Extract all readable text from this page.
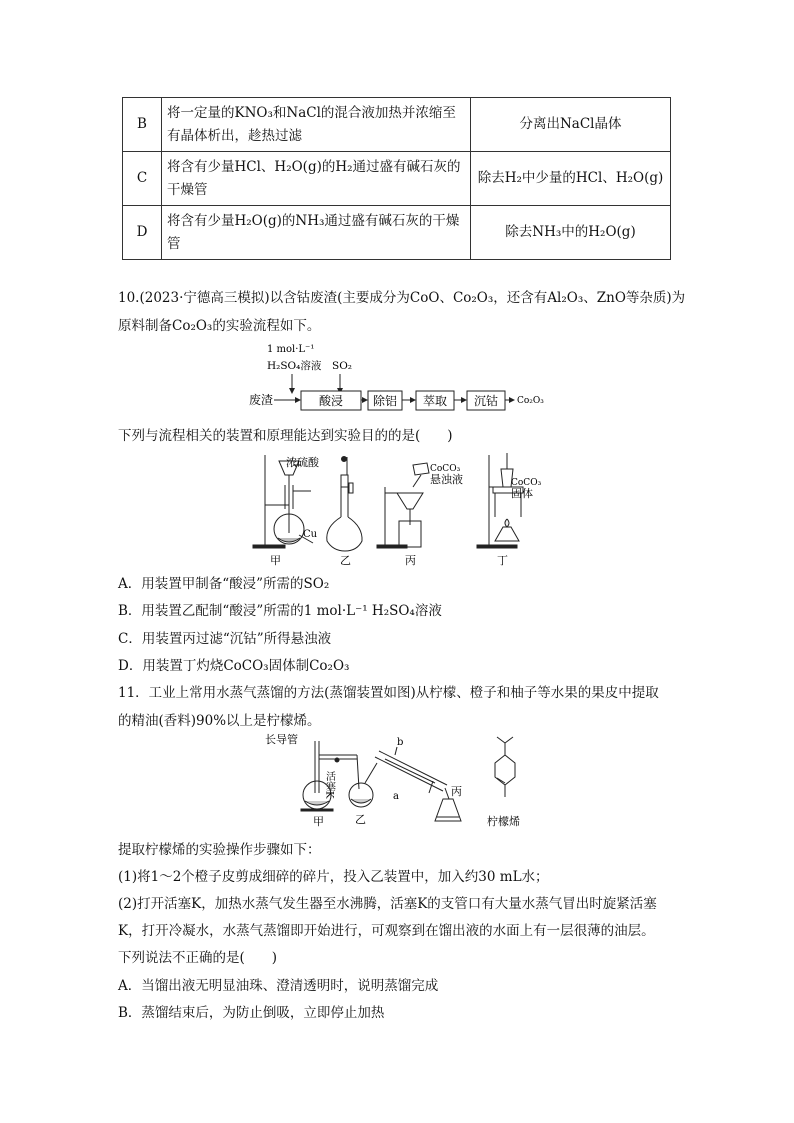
B	将一定量的KNO₃和NaCl的混合液加热并浓缩至有晶体析出，趁热过滤	分离出NaCl晶体
C	将含有少量HCl、H₂O(g)的H₂通过盛有碱石灰的干燥管	除去H₂中少量的HCl、H₂O(g)
D	将含有少量H₂O(g)的NH₃通过盛有碱石灰的干燥管	除去NH₃中的H₂O(g)
10.(2023·宁德高三模拟)以含钴废渣(主要成分为CoO、Co₂O₃，还含有Al₂O₃、ZnO等杂质)为
原料制备Co₂O₃的实验流程如下。
1 mol·L⁻¹
H₂SO₄溶液 SO₂
废渣	酸浸 除铝 萃取 沉钴 Co₂O₃
下列与流程相关的装置和原理能达到实验目的的是(　　)
浓硫酸
Cu
CoCO₃
悬浊液	CoCO₃
固体
甲	乙	丙	丁
A．用装置甲制备“酸浸”所需的SO₂
B．用装置乙配制“酸浸”所需的1 mol·L⁻¹ H₂SO₄溶液
C．用装置丙过滤“沉钴”所得悬浊液
D．用装置丁灼烧CoCO₃固体制Co₂O₃
11．工业上常用水蒸气蒸馏的方法(蒸馏装置如图)从柠檬、橙子和柚子等水果的果皮中提取
的精油(香料)90%以上是柠檬烯。
长导管
活塞K
b
a
甲	乙
丙
柠檬烯
提取柠檬烯的实验操作步骤如下：
(1)将1～2个橙子皮剪成细碎的碎片，投入乙装置中，加入约30 mL水；
(2)打开活塞K，加热水蒸气发生器至水沸腾，活塞K的支管口有大量水蒸气冒出时旋紧活塞
K，打开冷凝水，水蒸气蒸馏即开始进行，可观察到在馏出液的水面上有一层很薄的油层。
下列说法不正确的是(　　)
A．当馏出液无明显油珠、澄清透明时，说明蒸馏完成
B．蒸馏结束后，为防止倒吸，立即停止加热
